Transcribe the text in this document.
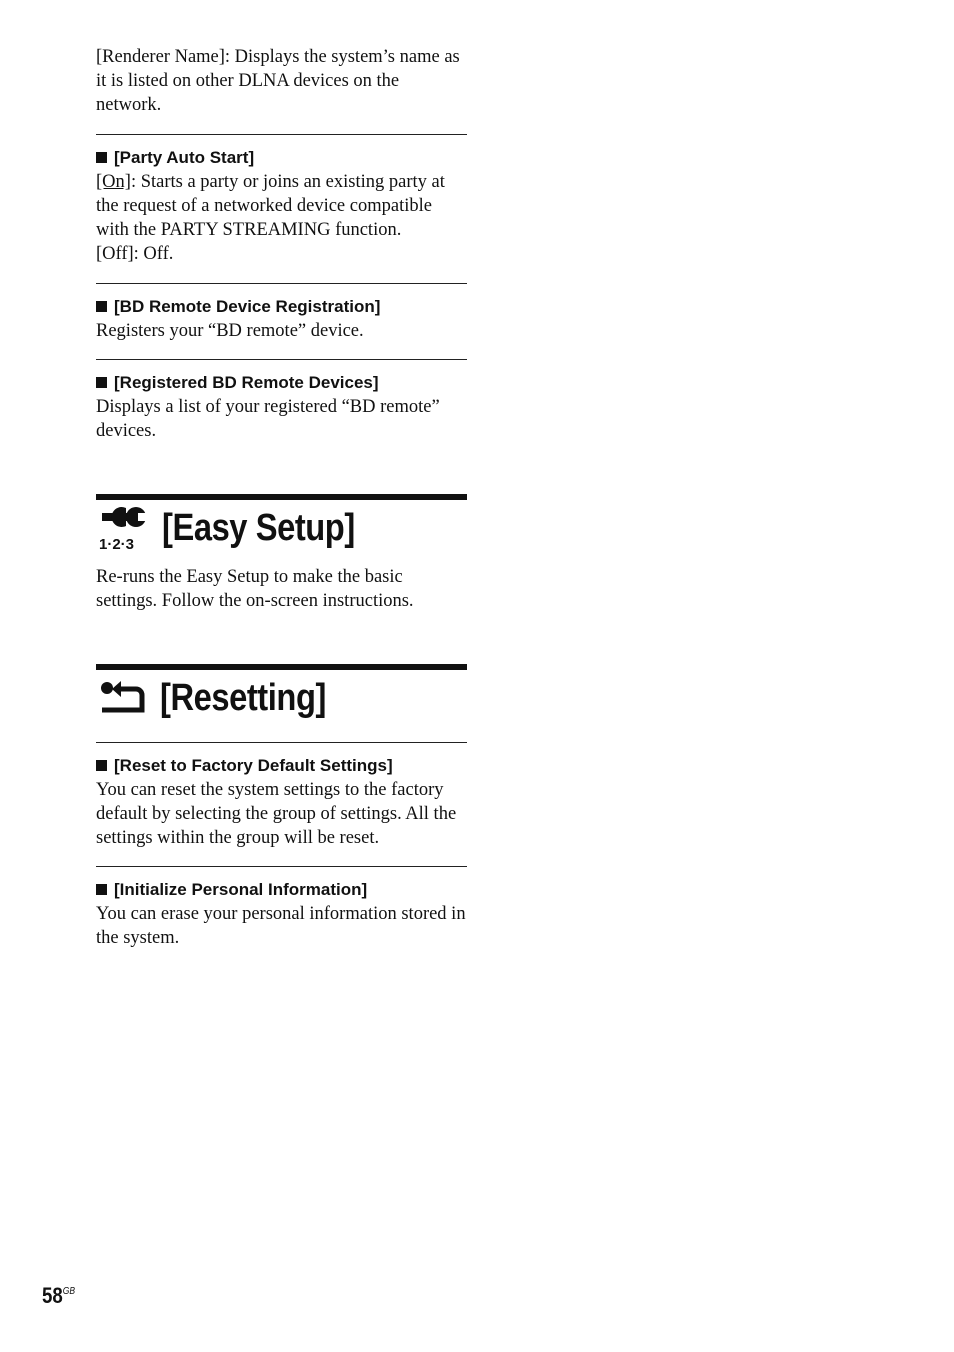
[Renderer Name]: Displays the system’s name as it is listed on other DLNA devices on the network.

[Party Auto Start]

[On]: Starts a party or joins an existing party at the request of a networked device compatible with the PARTY STREAMING function.

[Off]: Off.

[BD Remote Device Registration]

Registers your “BD remote” device.

[Registered BD Remote Devices]

Displays a list of your registered “BD remote” devices.

1·2·3 [Easy Setup]

Re-runs the Easy Setup to make the basic settings. Follow the on-screen instructions.

[Resetting]

[Reset to Factory Default Settings]

You can reset the system settings to the factory default by selecting the group of settings. All the settings within the group will be reset.

[Initialize Personal Information]

You can erase your personal information stored in the system.

$58^{GB}$
